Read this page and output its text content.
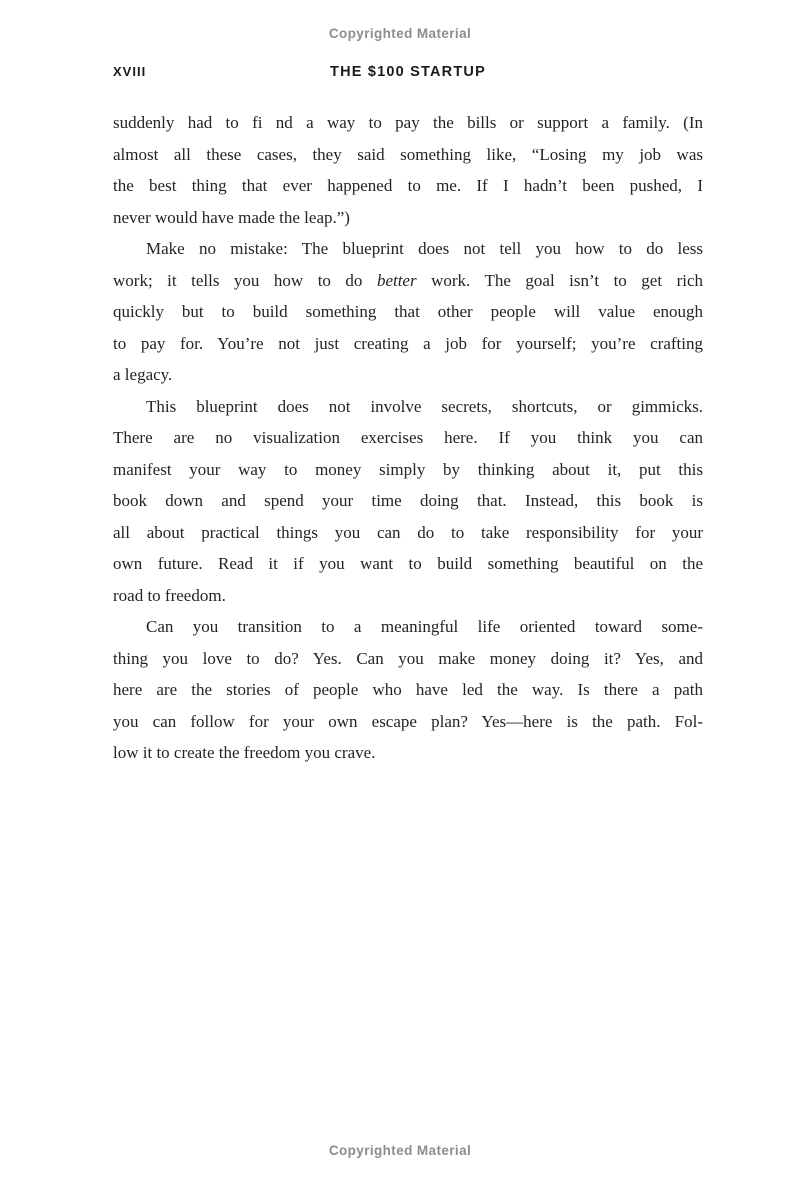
Copyrighted Material
XVIII	THE $100 STARTUP
suddenly had to fi nd a way to pay the bills or support a family. (In
almost all these cases, they said something like, “Losing my job was
the best thing that ever happened to me. If I hadn’t been pushed, I
never would have made the leap.”)
Make no mistake: The blueprint does not tell you how to do less
work; it tells you how to do better work. The goal isn’t to get rich
quickly but to build something that other people will value enough
to pay for. You’re not just creating a job for yourself; you’re crafting
a legacy.
This blueprint does not involve secrets, shortcuts, or gimmicks.
There are no visualization exercises here. If you think you can
manifest your way to money simply by thinking about it, put this
book down and spend your time doing that. Instead, this book is
all about practical things you can do to take responsibility for your
own future. Read it if you want to build something beautiful on the
road to freedom.
Can you transition to a meaningful life oriented toward some-
thing you love to do? Yes. Can you make money doing it? Yes, and
here are the stories of people who have led the way. Is there a path
you can follow for your own escape plan? Yes—here is the path. Fol-
low it to create the freedom you crave.
Copyrighted Material
